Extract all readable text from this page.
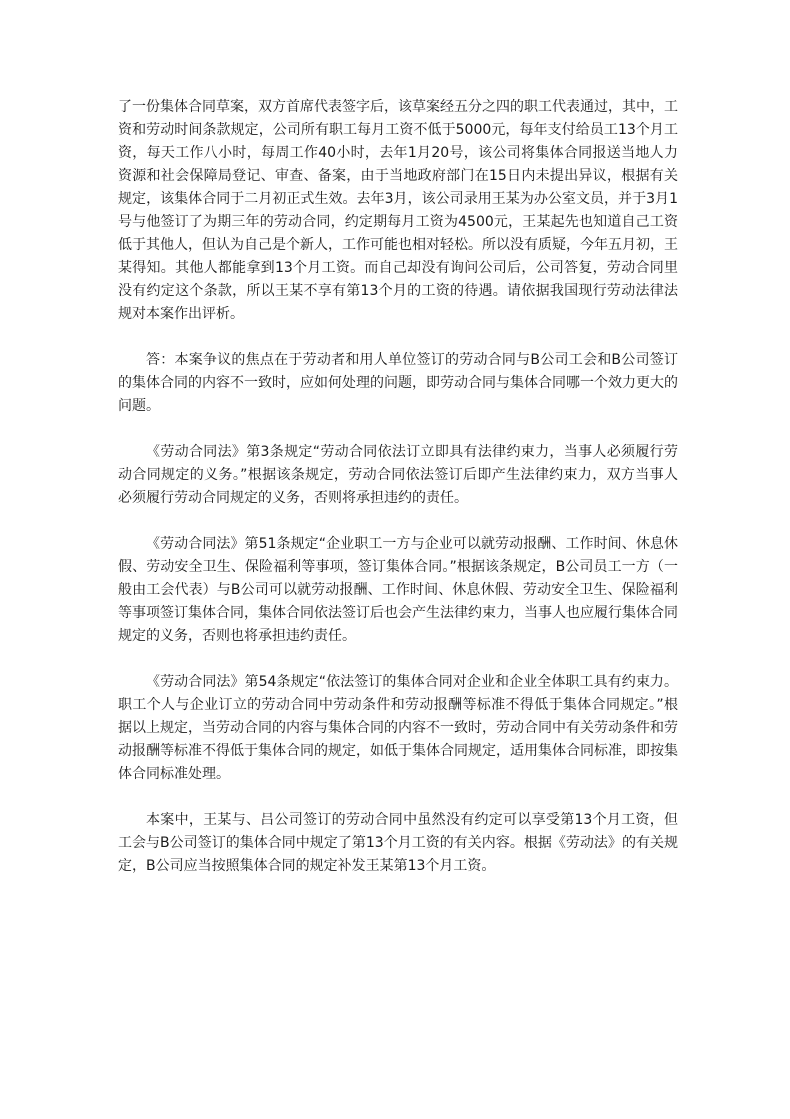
了一份集体合同草案，双方首席代表签字后，该草案经五分之四的职工代表通过，其中，工资和劳动时间条款规定，公司所有职工每月工资不低于5000元，每年支付给员工13个月工资，每天工作八小时，每周工作40小时，去年1月20号，该公司将集体合同报送当地人力资源和社会保障局登记、审查、备案，由于当地政府部门在15日内未提出异议，根据有关规定，该集体合同于二月初正式生效。去年3月，该公司录用王某为办公室文员，并于3月1号与他签订了为期三年的劳动合同，约定期每月工资为4500元，王某起先也知道自己工资低于其他人，但认为自己是个新人，工作可能也相对轻松。所以没有质疑，今年五月初，王某得知。其他人都能拿到13个月工资。而自己却没有询问公司后，公司答复，劳动合同里没有约定这个条款，所以王某不享有第13个月的工资的待遇。请依据我国现行劳动法律法规对本案作出评析。

答：本案争议的焦点在于劳动者和用人单位签订的劳动合同与B公司工会和B公司签订的集体合同的内容不一致时，应如何处理的问题，即劳动合同与集体合同哪一个效力更大的问题。

《劳动合同法》第3条规定“劳动合同依法订立即具有法律约束力，当事人必须履行劳动合同规定的义务。”根据该条规定，劳动合同依法签订后即产生法律约束力，双方当事人必须履行劳动合同规定的义务，否则将承担违约的责任。

《劳动合同法》第51条规定“企业职工一方与企业可以就劳动报酬、工作时间、休息休假、劳动安全卫生、保险福利等事项，签订集体合同。”根据该条规定，B公司员工一方（一般由工会代表）与B公司可以就劳动报酬、工作时间、休息休假、劳动安全卫生、保险福利等事项签订集体合同，集体合同依法签订后也会产生法律约束力，当事人也应履行集体合同规定的义务，否则也将承担违约责任。

《劳动合同法》第54条规定“依法签订的集体合同对企业和企业全体职工具有约束力。职工个人与企业订立的劳动合同中劳动条件和劳动报酬等标准不得低于集体合同规定。”根据以上规定，当劳动合同的内容与集体合同的内容不一致时，劳动合同中有关劳动条件和劳动报酬等标准不得低于集体合同的规定，如低于集体合同规定，适用集体合同标准，即按集体合同标准处理。

本案中，王某与、吕公司签订的劳动合同中虽然没有约定可以享受第13个月工资，但工会与B公司签订的集体合同中规定了第13个月工资的有关内容。根据《劳动法》的有关规定，B公司应当按照集体合同的规定补发王某第13个月工资。
